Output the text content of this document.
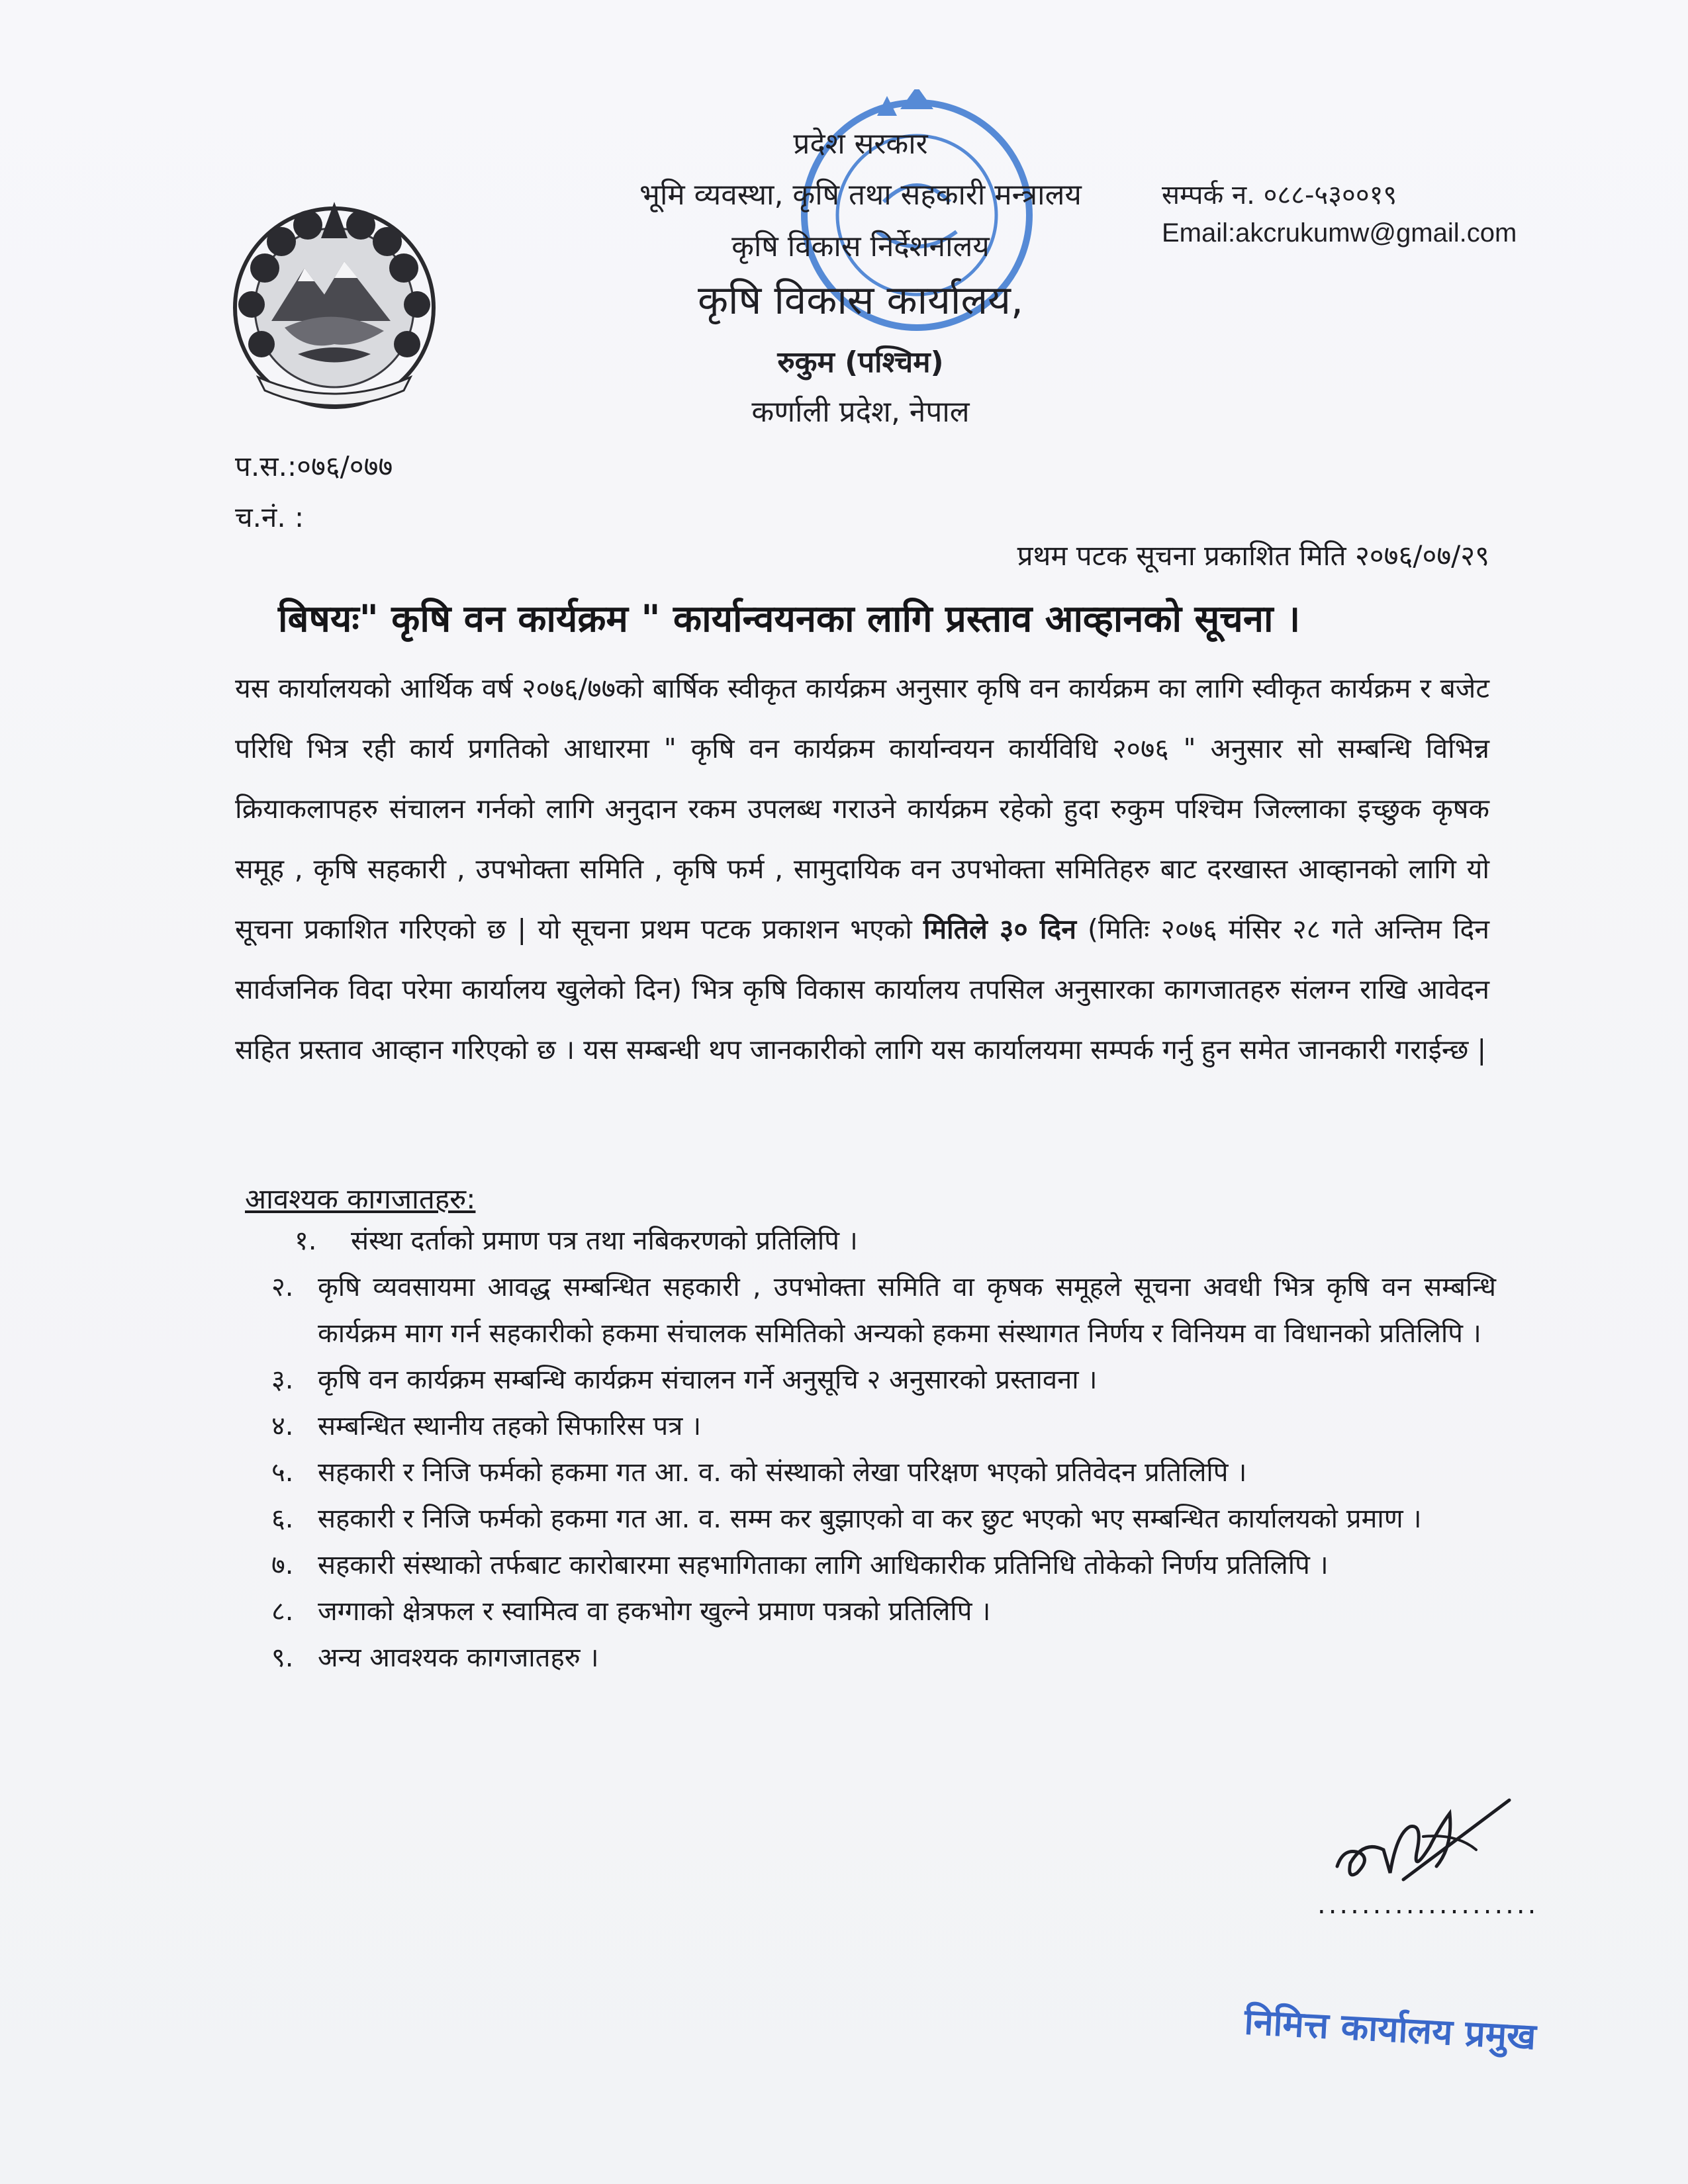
प्रदेश सरकार
भूमि व्यवस्था, कृषि तथा सहकारी मन्त्रालय
कृषि विकास निर्देशनालय
कृषि विकास कार्यालय,
रुकुम (पश्चिम)
कर्णाली प्रदेश, नेपाल
सम्पर्क न. ०८८-५३००१९
Email:akcrukumw@gmail.com
प.स.:०७६/०७७
च.नं. :
प्रथम पटक सूचना प्रकाशित मिति २०७६/०७/२९
बिषयः" कृषि वन कार्यक्रम " कार्यान्वयनका लागि प्रस्ताव आव्हानको सूचना ।
यस कार्यालयको आर्थिक वर्ष २०७६/७७को बार्षिक स्वीकृत कार्यक्रम अनुसार कृषि वन कार्यक्रम का लागि स्वीकृत कार्यक्रम र बजेट परिधि भित्र रही कार्य प्रगतिको आधारमा " कृषि वन कार्यक्रम कार्यान्वयन कार्यविधि २०७६ " अनुसार सो सम्बन्धि विभिन्न क्रियाकलापहरु संचालन गर्नको लागि अनुदान रकम उपलब्ध गराउने कार्यक्रम रहेको हुदा रुकुम पश्चिम जिल्लाका इच्छुक कृषक समूह , कृषि सहकारी , उपभोक्ता समिति , कृषि फर्म , सामुदायिक वन उपभोक्ता समितिहरु बाट दरखास्त आव्हानको लागि यो सूचना प्रकाशित गरिएको छ | यो सूचना प्रथम पटक प्रकाशन भएको मितिले ३० दिन (मितिः २०७६ मंसिर २८ गते अन्तिम दिन सार्वजनिक विदा परेमा कार्यालय खुलेको दिन) भित्र कृषि विकास कार्यालय तपसिल अनुसारका कागजातहरु संलग्न राखि आवेदन सहित प्रस्ताव आव्हान गरिएको छ । यस सम्बन्धी थप जानकारीको लागि यस कार्यालयमा सम्पर्क गर्नु हुन समेत जानकारी गराईन्छ |
आवश्यक कागजातहरु:
१. संस्था दर्ताको प्रमाण पत्र तथा नबिकरणको प्रतिलिपि ।
२. कृषि व्यवसायमा आवद्ध सम्बन्धित सहकारी , उपभोक्ता समिति वा कृषक समूहले सूचना अवधी भित्र कृषि वन सम्बन्धि कार्यक्रम माग गर्न सहकारीको हकमा संचालक समितिको अन्यको हकमा संस्थागत निर्णय र विनियम वा विधानको प्रतिलिपि ।
३. कृषि वन कार्यक्रम सम्बन्धि कार्यक्रम संचालन गर्ने अनुसूचि २ अनुसारको प्रस्तावना ।
४. सम्बन्धित स्थानीय तहको सिफारिस पत्र ।
५. सहकारी र निजि फर्मको हकमा गत आ. व. को संस्थाको लेखा परिक्षण भएको प्रतिवेदन प्रतिलिपि ।
६. सहकारी र निजि फर्मको हकमा गत आ. व. सम्म कर बुझाएको वा कर छुट भएको भए सम्बन्धित कार्यालयको प्रमाण ।
७. सहकारी संस्थाको तर्फबाट कारोबारमा सहभागिताका लागि आधिकारीक प्रतिनिधि तोकेको निर्णय प्रतिलिपि ।
८. जग्गाको क्षेत्रफल र स्वामित्व वा हकभोग खुल्ने प्रमाण पत्रको प्रतिलिपि ।
९. अन्य आवश्यक कागजातहरु ।
....................
निमित्त कार्यालय प्रमुख
